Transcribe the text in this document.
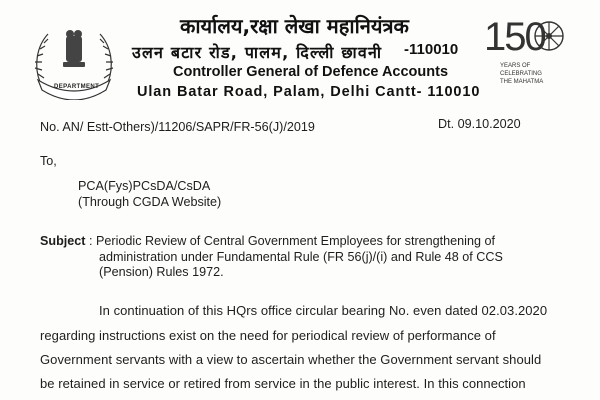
DEPARTMENT
कार्यालय,रक्षा लेखा महानियंत्रक
उलन बटार रोड, पालम, दिल्ली छावनी -110010
Controller General of Defence Accounts
Ulan Batar Road, Palam, Delhi Cantt- 110010
150
YEARS OF
CELEBRATING
THE MAHATMA
No. AN/ Estt-Others)/11206/SAPR/FR-56(J)/2019	Dt. 09.10.2020
To,
PCA(Fys)PCsDA/CsDA
(Through CGDA Website)
Subject : Periodic Review of Central Government Employees for strengthening of
administration under Fundamental Rule (FR 56(j)/(i) and Rule 48 of CCS
(Pension) Rules 1972.
In continuation of this HQrs office circular bearing No. even dated 02.03.2020
regarding instructions exist on the need for periodical review of performance of
Government servants with a view to ascertain whether the Government servant should
be retained in service or retired from service in the public interest. In this connection
